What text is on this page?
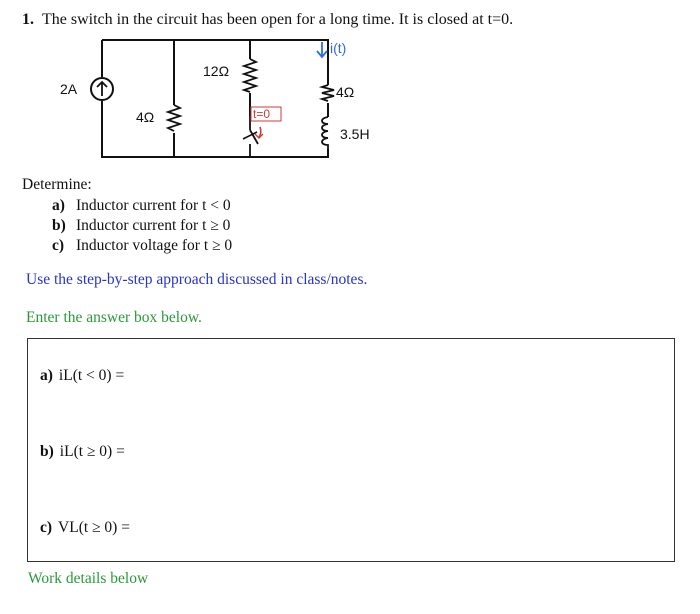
1. The switch in the circuit has been open for a long time. It is closed at t=0.
2A
4Ω
12Ω
t=0
i(t)
4Ω
3.5H
Determine:
a) Inductor current for t < 0
b) Inductor current for t ≥ 0
c) Inductor voltage for t ≥ 0
Use the step-by-step approach discussed in class/notes.
Enter the answer box below.
a) iL(t < 0) =
b) iL(t ≥ 0) =
c) VL(t ≥ 0) =
Work details below
